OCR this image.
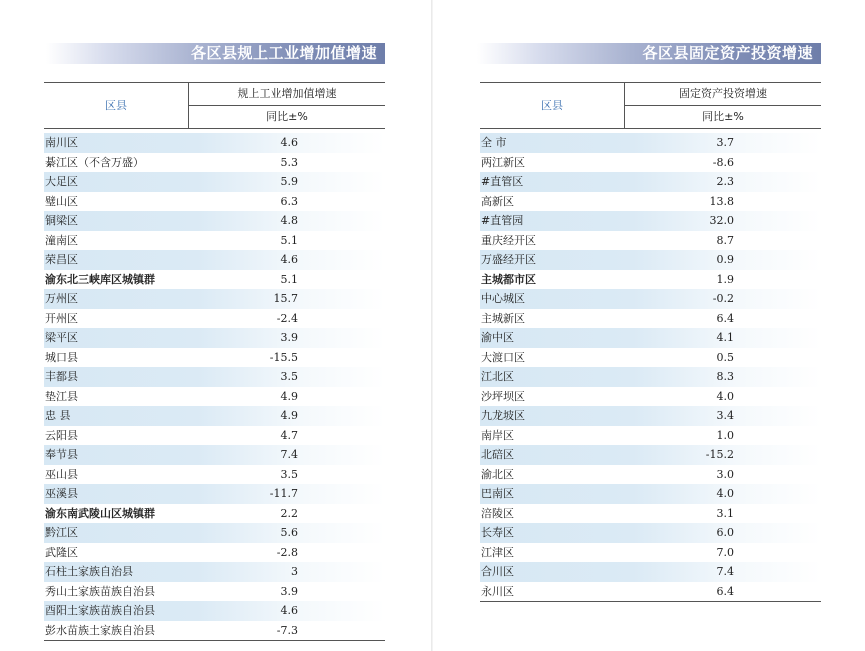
各区县规上工业增加值增速
区县
规上工业增加值增速
同比±%
南川区	4.6
綦江区（不含万盛）	5.3
大足区	5.9
璧山区	6.3
铜梁区	4.8
潼南区	5.1
荣昌区	4.6
渝东北三峡库区城镇群	5.1
万州区	15.7
开州区	-2.4
梁平区	3.9
城口县	-15.5
丰都县	3.5
垫江县	4.9
忠 县	4.9
云阳县	4.7
奉节县	7.4
巫山县	3.5
巫溪县	-11.7
渝东南武陵山区城镇群	2.2
黔江区	5.6
武隆区	-2.8
石柱土家族自治县	3
秀山土家族苗族自治县	3.9
酉阳土家族苗族自治县	4.6
彭水苗族土家族自治县	-7.3
各区县固定资产投资增速
区县
固定资产投资增速
同比±%
全 市	3.7
两江新区	-8.6
#直管区	2.3
高新区	13.8
#直管园	32.0
重庆经开区	8.7
万盛经开区	0.9
主城都市区	1.9
中心城区	-0.2
主城新区	6.4
渝中区	4.1
大渡口区	0.5
江北区	8.3
沙坪坝区	4.0
九龙坡区	3.4
南岸区	1.0
北碚区	-15.2
渝北区	3.0
巴南区	4.0
涪陵区	3.1
长寿区	6.0
江津区	7.0
合川区	7.4
永川区	6.4
